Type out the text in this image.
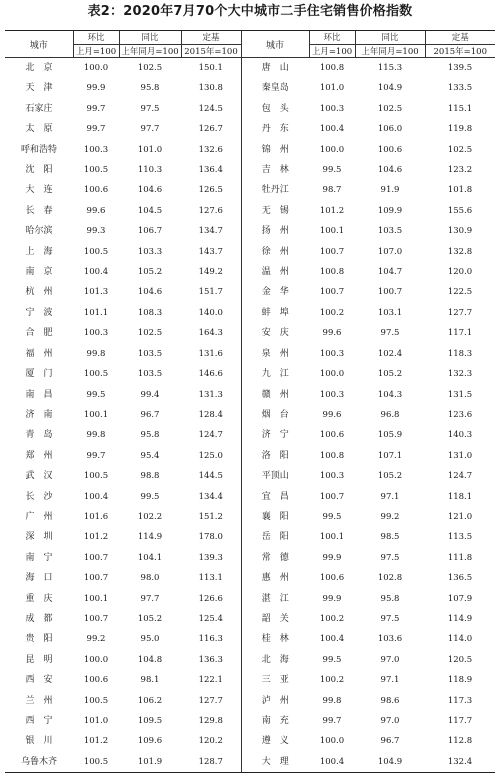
表2：2020年7月70个大中城市二手住宅销售价格指数
城市	环比	同比	定基	城市	环比	同比	定基
	上月=100	上年同月=100	2015年=100		上月=100	上年同月=100	2015年=100
北　京	100.0	102.5	150.1	唐　山	100.8	115.3	139.5
天　津	99.9	95.8	130.8	秦皇岛	101.0	104.9	133.5
石家庄	99.7	97.5	124.5	包　头	100.3	102.5	115.1
太　原	99.7	97.7	126.7	丹　东	100.4	106.0	119.8
呼和浩特	100.3	101.0	132.6	锦　州	100.0	100.6	102.5
沈　阳	100.5	110.3	136.4	吉　林	99.5	104.6	123.2
大　连	100.6	104.6	126.5	牡丹江	98.7	91.9	101.8
长　春	99.6	104.5	127.6	无　锡	101.2	109.9	155.6
哈尔滨	99.3	106.7	134.7	扬　州	100.1	103.5	130.9
上　海	100.5	103.3	143.7	徐　州	100.7	107.0	132.8
南　京	100.4	105.2	149.2	温　州	100.8	104.7	120.0
杭　州	101.3	104.6	151.7	金　华	100.7	100.7	122.5
宁　波	101.1	108.3	140.0	蚌　埠	100.2	103.1	127.7
合　肥	100.3	102.5	164.3	安　庆	99.6	97.5	117.1
福　州	99.8	103.5	131.6	泉　州	100.3	102.4	118.3
厦　门	100.5	103.5	146.6	九　江	100.0	105.2	132.3
南　昌	99.5	99.4	131.3	赣　州	100.3	104.3	131.5
济　南	100.1	96.7	128.4	烟　台	99.6	96.8	123.6
青　岛	99.8	95.8	124.7	济　宁	100.6	105.9	140.3
郑　州	99.7	95.4	125.0	洛　阳	100.8	107.1	131.0
武　汉	100.5	98.8	144.5	平顶山	100.3	105.2	124.7
长　沙	100.4	99.5	134.4	宜　昌	100.7	97.1	118.1
广　州	101.6	102.2	151.2	襄　阳	99.5	99.2	121.0
深　圳	101.2	114.9	178.0	岳　阳	100.1	98.5	113.5
南　宁	100.7	104.1	139.3	常　德	99.9	97.5	111.8
海　口	100.7	98.0	113.1	惠　州	100.6	102.8	136.5
重　庆	100.1	97.7	126.6	湛　江	99.9	95.8	107.9
成　都	100.7	105.2	125.4	韶　关	100.2	97.5	114.9
贵　阳	99.2	95.0	116.3	桂　林	100.4	103.6	114.0
昆　明	100.0	104.8	136.3	北　海	99.5	97.0	120.5
西　安	100.6	98.1	122.1	三　亚	100.2	97.1	118.9
兰　州	100.5	106.2	127.7	泸　州	99.8	98.6	117.3
西　宁	101.0	109.5	129.8	南　充	99.7	97.0	117.7
银　川	101.2	109.6	120.2	遵　义	100.0	96.7	112.8
乌鲁木齐	100.5	101.9	128.7	大　理	100.4	104.9	132.4
